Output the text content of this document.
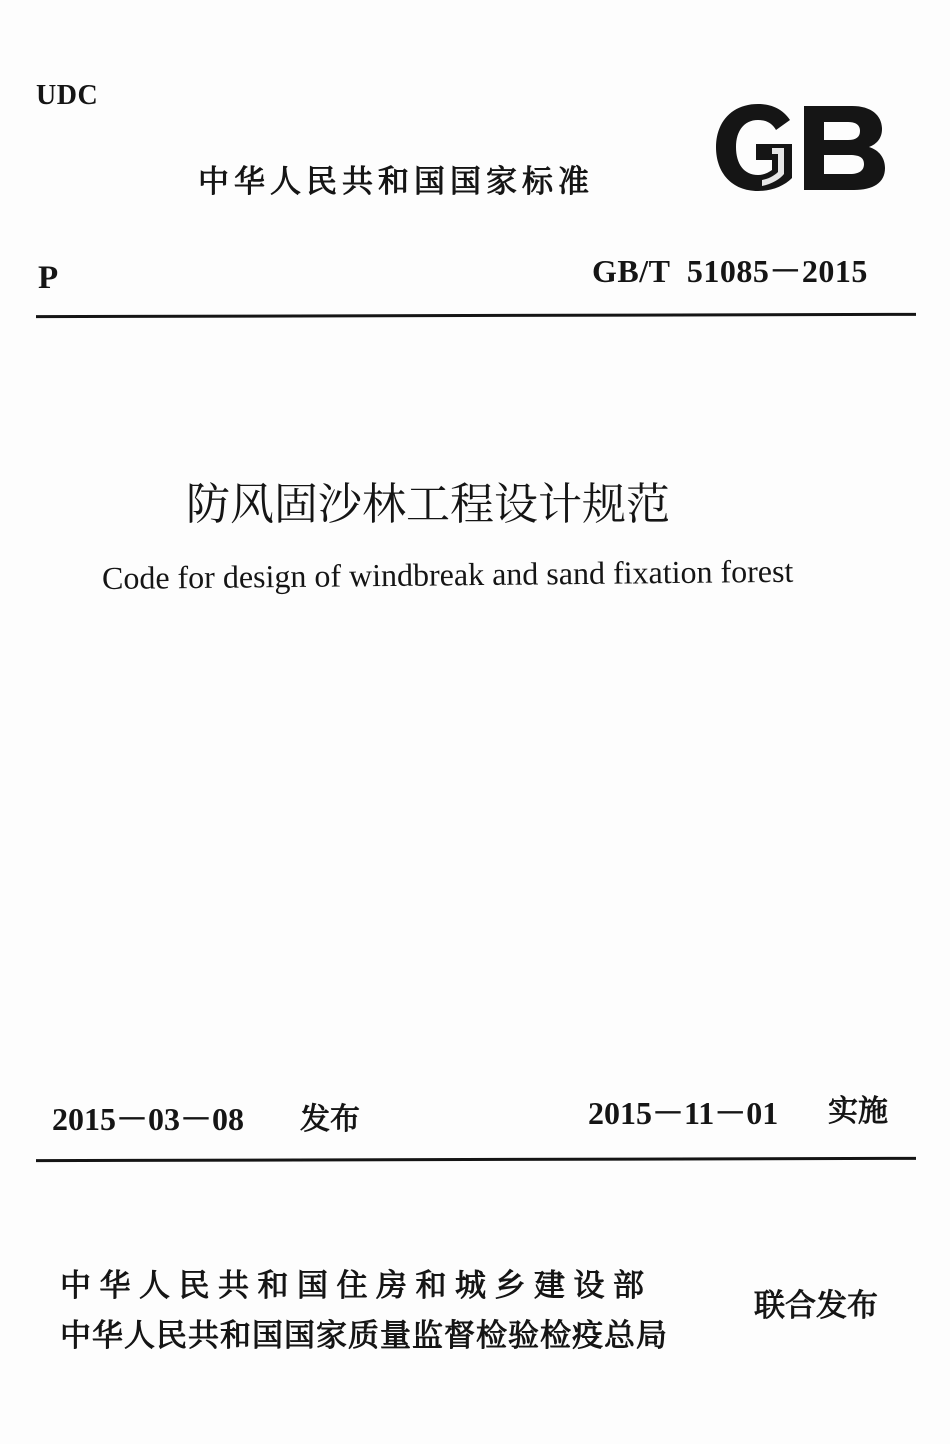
UDC
中华人民共和国国家标准
P	GB/T  51085－2015
防风固沙林工程设计规范
Code for design of windbreak and sand fixation forest
2015－03－08 发布	2015－11－01 实施
中华人民共和国住房和城乡建设部
中华人民共和国国家质量监督检验检疫总局
联合发布
